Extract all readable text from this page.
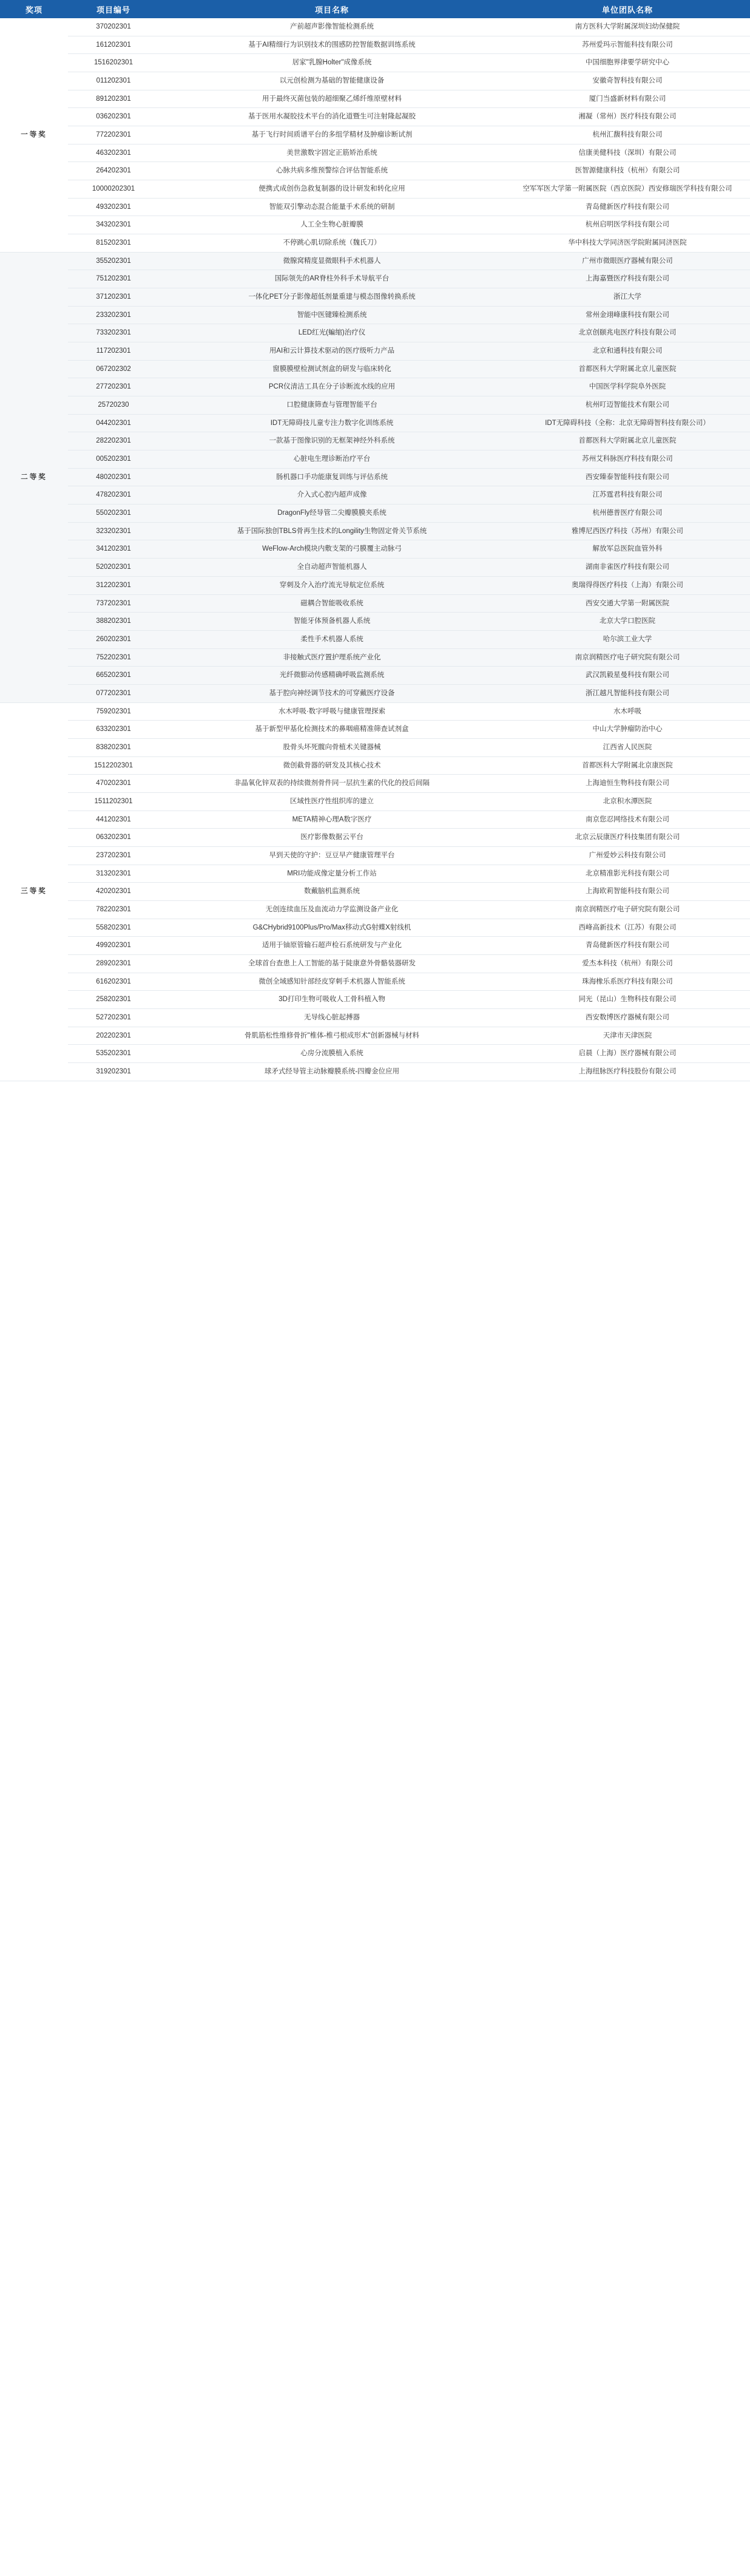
奖项	项目编号	项目名称	单位团队名称
一等奖	370202301	产前超声影像智能检测系统	南方医科大学附属深圳妇幼保健院
	161202301	基于AI精细行为识别技术的围感防控智能数据训练系统	苏州爱玛示智能科技有限公司
	1516202301	居家"乳腺Holter"成像系统	中国细胞界律要学研究中心
	011202301	以元创检测为基础的智能健康设备	安徽奇智科技有限公司
	891202301	用于最终灭菌包装的超细聚乙烯纤维原壁材料	厦门当盛新材料有限公司
	036202301	基于医用水凝胶技术平台的消化道暨生可注射隆起凝胶	湘凝（常州）医疗科技有限公司
	772202301	基于飞行时间质谱平台的多组学精材及肿瘤诊断试剂	杭州汇馥科技有限公司
	463202301	美世激数字固定正筋矫治系统	信康美健科技（深圳）有限公司
	264202301	心脉共病多维预警综合评估智能系统	医智源健康科技（杭州）有限公司
	10000202301	便携式成创伤急救复制器的设计研发和转化应用	空军军医大学第一附属医院（西京医院）西安修瑞医学科技有限公司
	493202301	智能双引擎动态混合能量手术系统的研制	青岛健新医疗科技有限公司
	343202301	人工全生物心脏瓣膜	杭州启明医学科技有限公司
	815202301	不停跳心肌切除系统（魏氏刀）	华中科技大学同济医学院附属同济医院
二等奖	355202301	微腺窝精度显微眼科手术机器人	广州市微眼医疗器械有限公司
	751202301	国际领先的AR脊柱外科手术导航平台	上海嘉暨医疗科技有限公司
	371202301	一体化PET分子影像超低剂量重建与模态图像转换系统	浙江大学
	233202301	智能中医键臻检测系统	常州金翊峰康科技有限公司
	733202301	LED红光(蝙缩)治疗仪	北京创颐兆电医疗科技有限公司
	117202301	用AI和云计算技术驱动的医疗级听力产品	北京和通科技有限公司
	067202302	窗膜膜壁检测试剂盒的研发与临床转化	首都医科大学附属北京儿童医院
	277202301	PCR仪清洁工具在分子诊断流水线的应用	中国医学科学院阜外医院
	25720230	口腔健康筛查与管理智能平台	杭州叮迈智能技术有限公司
	044202301	IDT无障碍技儿童专注力数字化训练系统	IDT无障碍科技（全称：北京无障碍智科技有限公司）
	282202301	一款基于图像识别的无框架神经外科系统	首都医科大学附属北京儿童医院
	005202301	心脏电生理诊断治疗平台	苏州艾科脉医疗科技有限公司
	480202301	肠机器口手功能康复训练与评估系统	西安臻泰智能科技有限公司
	478202301	介入式心腔内超声成像	江苏霆君科技有限公司
	550202301	DragonFly经导管二尖瓣膜膜夹系统	杭州德普医疗有限公司
	323202301	基于国际独创TBLS骨再生技术的Longility生物固定骨关节系统	雅博尼西医疗科技（苏州）有限公司
	341202301	WeFlow-Arch模块内敷支架的弓膜覆主动脉弓	解放军总医院血管外科
	520202301	全自动超声智能机器人	湖南非雀医疗科技有限公司
	312202301	穿刺及介入治疗流光导航定位系统	奥瑞得得医疗科技（上海）有限公司
	737202301	磁耦合智能吸收系统	西安交通大学第一附属医院
	388202301	智能牙体预备机器人系统	北京大学口腔医院
	260202301	柔性手术机器人系统	哈尔滨工业大学
	752202301	非接触式医疗置护理系统产业化	南京润精医疗电子研究院有限公司
	665202301	光纤微膨动传感精确呼吸监测系统	武汉凯毅星曼科技有限公司
	077202301	基于腔向神经调节技术的可穿戴医疗设备	浙江越凡智能科技有限公司
三等奖	759202301	水木呼吸·数字呼吸与健康管理探索	水木呼吸
	633202301	基于新型甲基化检测技术的鼻咽癌精准筛查试剂盒	中山大学肿瘤防治中心
	838202301	股骨头坏死髋向骨植术关键器械	江西省人民医院
	1512202301	微创截骨器的研发及其核心技术	首都医科大学附属北京康医院
	470202301	非晶氧化锌双表的持续微剂骨件同一层抗生素的代化的投后间隔	上海迪恒生物科技有限公司
	1511202301	区域性医疗性组织库的建立	北京积水潭医院
	441202301	META精神心理A数字医疗	南京您忍网络技术有限公司
	063202301	医疗影像数据云平台	北京云辰康医疗科技集团有限公司
	237202301	早到天使的守护：豆豆早产健康管理平台	广州爱妙云科技有限公司
	313202301	MRI功能成像定量分析工作站	北京精准影光科技有限公司
	420202301	数戴脑机监测系统	上海欧莉智能科技有限公司
	782202301	无创连续血压及血流动力学监测设备产业化	南京润精医疗电子研究院有限公司
	558202301	G&CHybrid9100Plus/Pro/Max移动式G射蝶X射线机	西峰高新技术（江苏）有限公司
	499202301	适用于铀原管输石超声检石系统研发与产业化	青岛健新医疗科技有限公司
	289202301	全球首台查患上人工智能的基于陡康意外骨骼装器研发	爱杰本科技（杭州）有限公司
	616202301	微创全域感知针部经皮穿刺手术机器人智能系统	珠海橡乐系医疗科技有限公司
	258202301	3D打印生物可吸收人工骨科植入物	同光（昆山）生物科技有限公司
	527202301	无导线心脏起搏器	西安数博医疗器械有限公司
	202202301	骨肌筋松性维修骨折"椎体-椎弓根成形术"创新器械与材料	天津市天津医院
	535202301	心房分流膜植入系统	启晨（上海）医疗器械有限公司
	319202301	球矛式经导管主动脉瓣膜系统-四瓣金位应用	上海纽脉医疗科技股份有限公司
